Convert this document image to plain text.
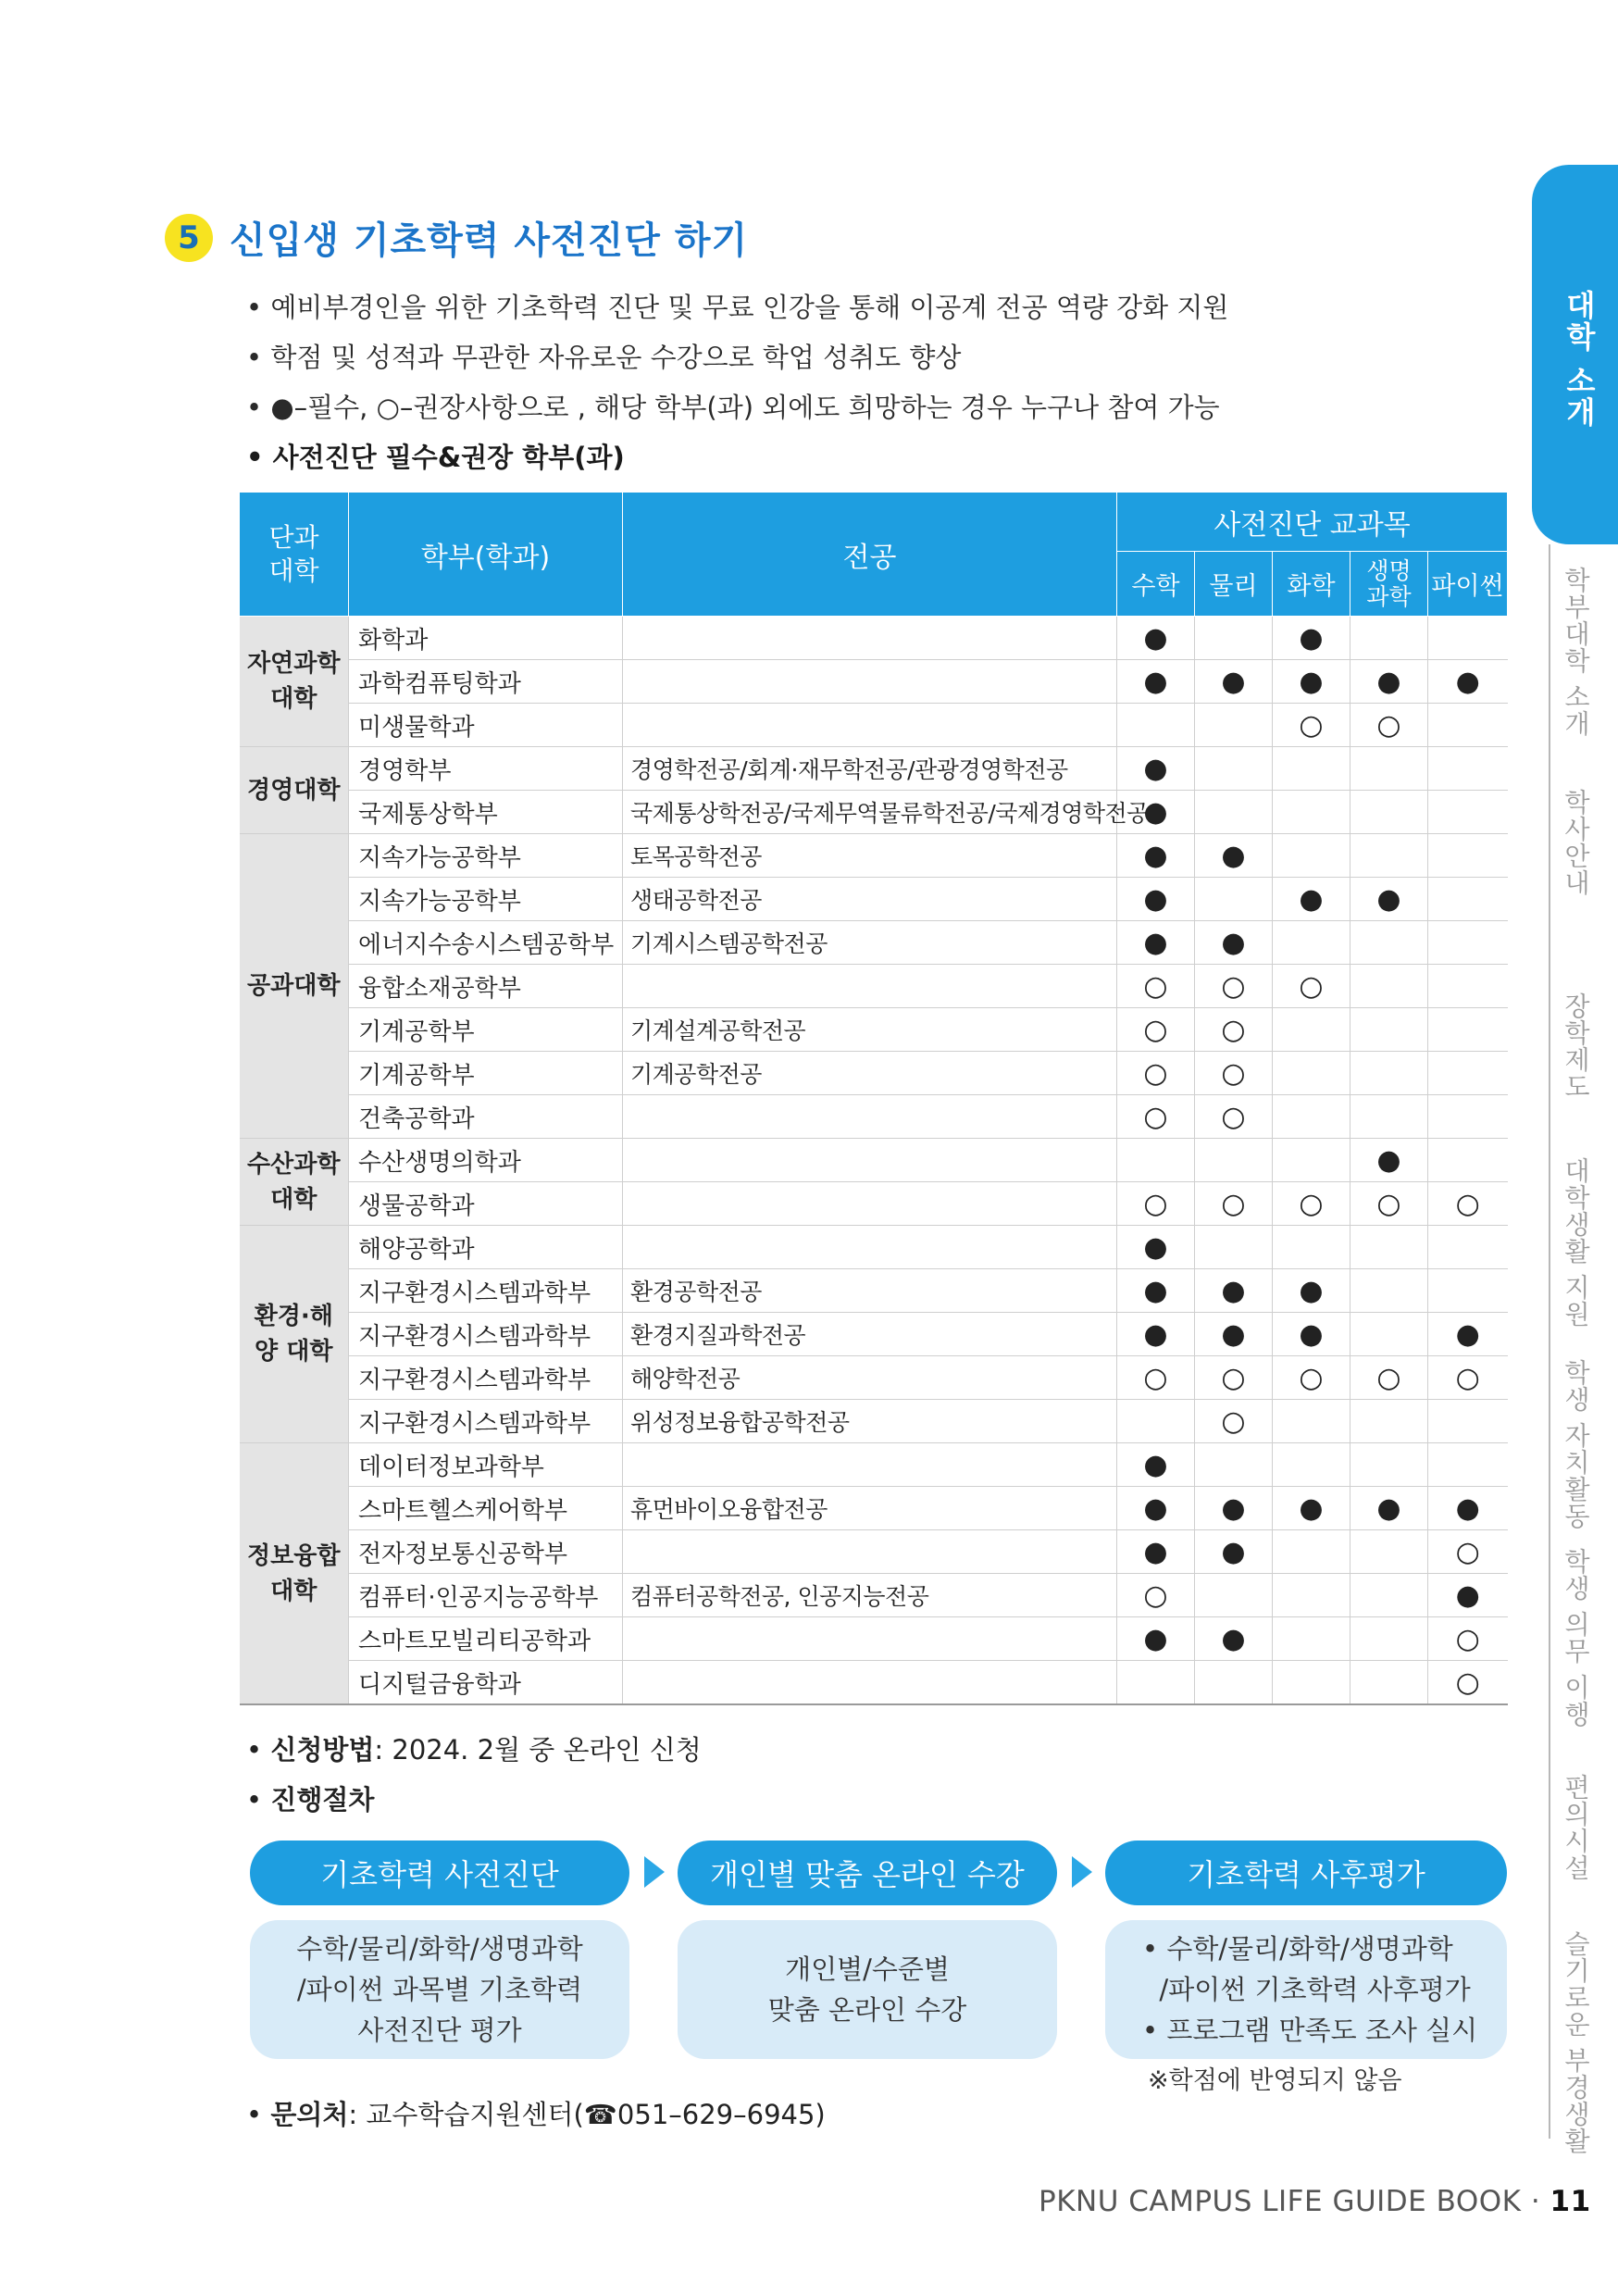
5 신입생 기초학력 사전진단 하기
• 예비부경인을 위한 기초학력 진단 및 무료 인강을 통해 이공계 전공 역량 강화 지원
• 학점 및 성적과 무관한 자유로운 수강으로 학업 성취도 향상
• ●–필수, ○–권장사항으로 , 해당 학부(과) 외에도 희망하는 경우 누구나 참여 가능
• 사전진단 필수&권장 학부(과)
단과 대학	학부(학과)	전공	사전진단 교과목				
			수학	물리	화학	생명 과학	파이썬
자연과학 대학	화학과		●		●		
	과학컴퓨팅학과		●	●	●	●	●
	미생물학과				○	○	
경영대학	경영학부	경영학전공/회계·재무학전공/관광경영학전공	●				
	국제통상학부	국제통상학전공/국제무역물류학전공/국제경영학전공	●				
공과대학	지속가능공학부	토목공학전공	●	●			
	지속가능공학부	생태공학전공	●		●	●	
	에너지수송시스템공학부	기계시스템공학전공	●	●			
	융합소재공학부		○	○	○		
	기계공학부	기계설계공학전공	○	○			
	기계공학부	기계공학전공	○	○			
	건축공학과		○	○			
수산과학 대학	수산생명의학과					●	
	생물공학과		○	○	○	○	○
환경·해양 대학	해양공학과		●				
	지구환경시스템과학부	환경공학전공	●	●	●		
	지구환경시스템과학부	환경지질과학전공	●	●	●		●
	지구환경시스템과학부	해양학전공	○	○	○	○	○
	지구환경시스템과학부	위성정보융합공학전공		○			
정보융합 대학	데이터정보과학부		●				
	스마트헬스케어학부	휴먼바이오융합전공	●	●	●	●	●
	전자정보통신공학부		●	●			○
	컴퓨터·인공지능공학부	컴퓨터공학전공, 인공지능전공	○				●
	스마트모빌리티공학과		●	●			○
	디지털금융학과						○
• 신청방법: 2024. 2월 중 온라인 신청
• 진행절차
기초학력 사전진단	개인별 맞춤 온라인 수강	기초학력 사후평가
수학/물리/화학/생명과학
/파이썬 과목별 기초학력
사전진단 평가
개인별/수준별
맞춤 온라인 수강
• 수학/물리/화학/생명과학
/파이썬 기초학력 사후평가
• 프로그램 만족도 조사 실시
※학점에 반영되지 않음
• 문의처: 교수학습지원센터(☎051–629–6945)
대학 소개
학부대학 소개
학사안내
장학제도
대학생활 지원
학생 자치활동
학생 의무 이행
편의시설
슬기로운 부경생활
PKNU CAMPUS LIFE GUIDE BOOK · 11
